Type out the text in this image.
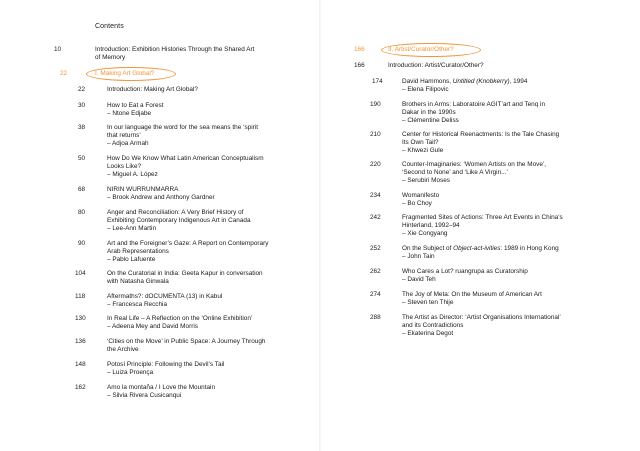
Contents
10	Introduction: Exhibition Histories Through the Shared Art
of Memory
22	I. Making Art Global?
22	Introduction: Making Art Global?
30	How to Eat a Forest
– Ntone Edjabe
38	In our language the word for the sea means the ‘spirit
that returns’
– Adjoa Armah
50	How Do We Know What Latin American Conceptualism
Looks Like?
– Miguel A. López
68	NIRIN WURRUNMARRA
– Brook Andrew and Anthony Gardner
80	Anger and Reconciliation: A Very Brief History of
Exhibiting Contemporary Indigenous Art in Canada
– Lee-Ann Martin
90	Art and the Foreigner’s Gaze: A Report on Contemporary
Arab Representations
– Pablo Lafuente
104	On the Curatorial in India: Geeta Kapur in conversation
with Natasha Ginwala
118	Aftermaths?: dOCUMENTA (13) in Kabul
– Francesca Recchia
130	In Real Life – A Reflection on the ‘Online Exhibition’
– Adeena Mey and David Morris
136	‘Cities on the Move’ in Public Space: A Journey Through
the Archive
148	Potosí Principle: Following the Devil’s Tail
– Luiza Proença
162	Amo la montaña / I Love the Mountain
– Silvia Rivera Cusicanqui
166	II. Artist/Curator/Other?
166	Introduction: Artist/Curator/Other?
174	David Hammons, Untitled (Knobkerry), 1994
– Elena Filipovic
190	Brothers in Arms: Laboratoire AGIT’art and Tenq in
Dakar in the 1990s
– Clémentine Deliss
210	Center for Historical Reenactments: Is the Tale Chasing
Its Own Tail?
– Khwezi Gule
220	Counter-Imaginaries: ‘Women Artists on the Move’,
‘Second to None’ and ‘Like A Virgin...’
– Serubiri Moses
234	Womanifesto
– Bo Choy
242	Fragmented Sites of Actions: Three Art Events in China’s
Hinterland, 1992–94
– Xie Congyang
252	On the Subject of Object-act-ivities: 1989 in Hong Kong
– John Tain
262	Who Cares a Lot? ruangrupa as Curatorship
– David Teh
274	The Joy of Meta: On the Museum of American Art
– Steven ten Thije
288	The Artist as Director: ‘Artist Organisations International’
and its Contradictions
– Ekaterina Degot
